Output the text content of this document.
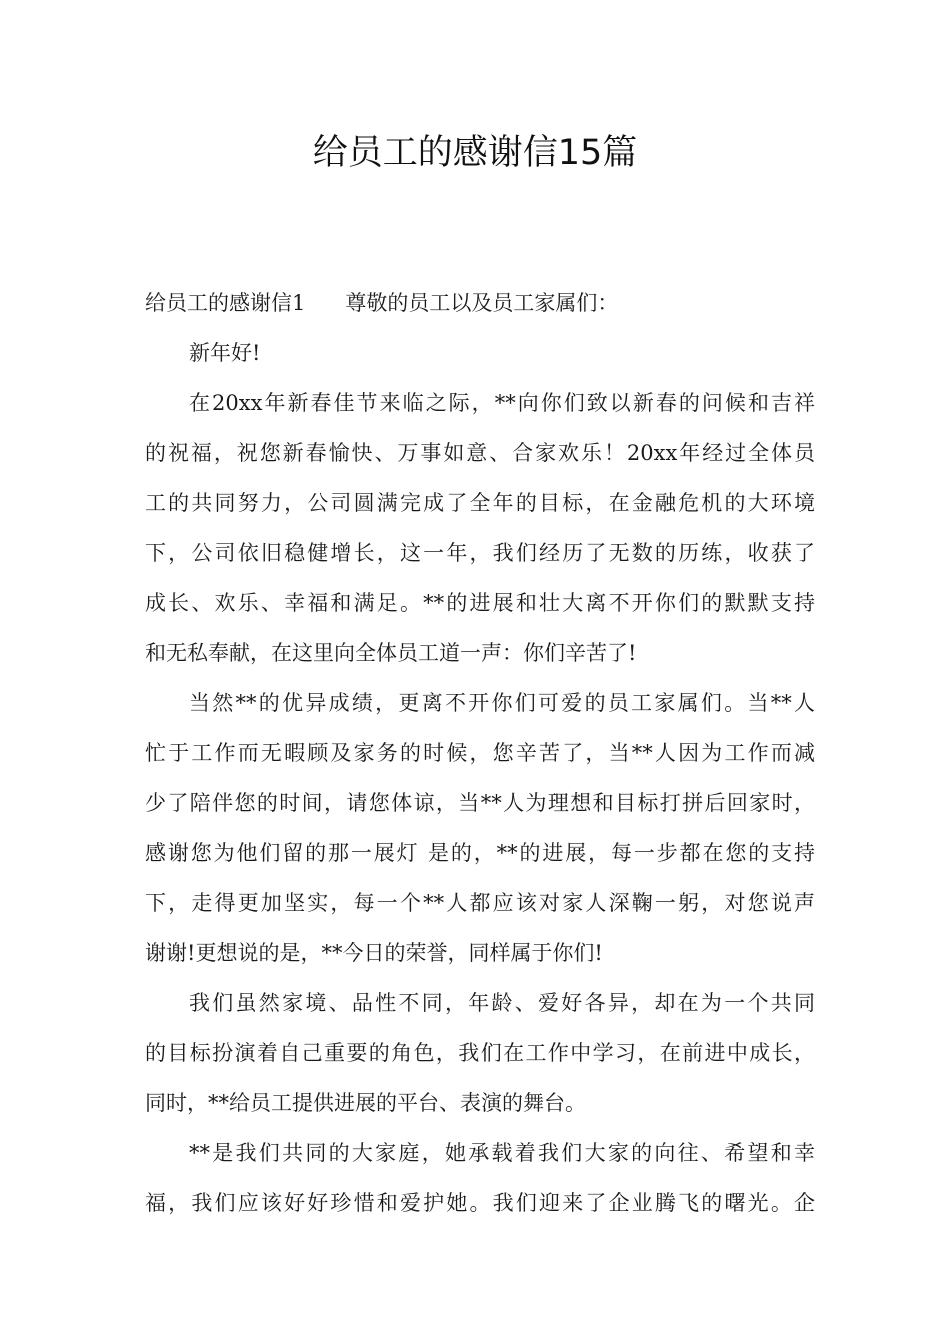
给员工的感谢信15篇
给员工的感谢信1 尊敬的员工以及员工家属们：
新年好!
在20xx年新春佳节来临之际，**向你们致以新春的问候和吉祥
的祝福，祝您新春愉快、万事如意、合家欢乐！20xx年经过全体员
工的共同努力，公司圆满完成了全年的目标，在金融危机的大环境
下，公司依旧稳健增长，这一年，我们经历了无数的历练，收获了
成长、欢乐、幸福和满足。**的进展和壮大离不开你们的默默支持
和无私奉献，在这里向全体员工道一声：你们辛苦了!
当然**的优异成绩，更离不开你们可爱的员工家属们。当**人
忙于工作而无暇顾及家务的时候，您辛苦了，当**人因为工作而减
少了陪伴您的时间，请您体谅，当**人为理想和目标打拼后回家时，
感谢您为他们留的那一展灯 是的，**的进展，每一步都在您的支持
下，走得更加坚实，每一个**人都应该对家人深鞠一躬，对您说声
谢谢!更想说的是，**今日的荣誉，同样属于你们!
我们虽然家境、品性不同，年龄、爱好各异，却在为一个共同
的目标扮演着自己重要的角色，我们在工作中学习，在前进中成长，
同时，**给员工提供进展的平台、表演的舞台。
**是我们共同的大家庭，她承载着我们大家的向往、希望和幸
福，我们应该好好珍惜和爱护她。我们迎来了企业腾飞的曙光。企
